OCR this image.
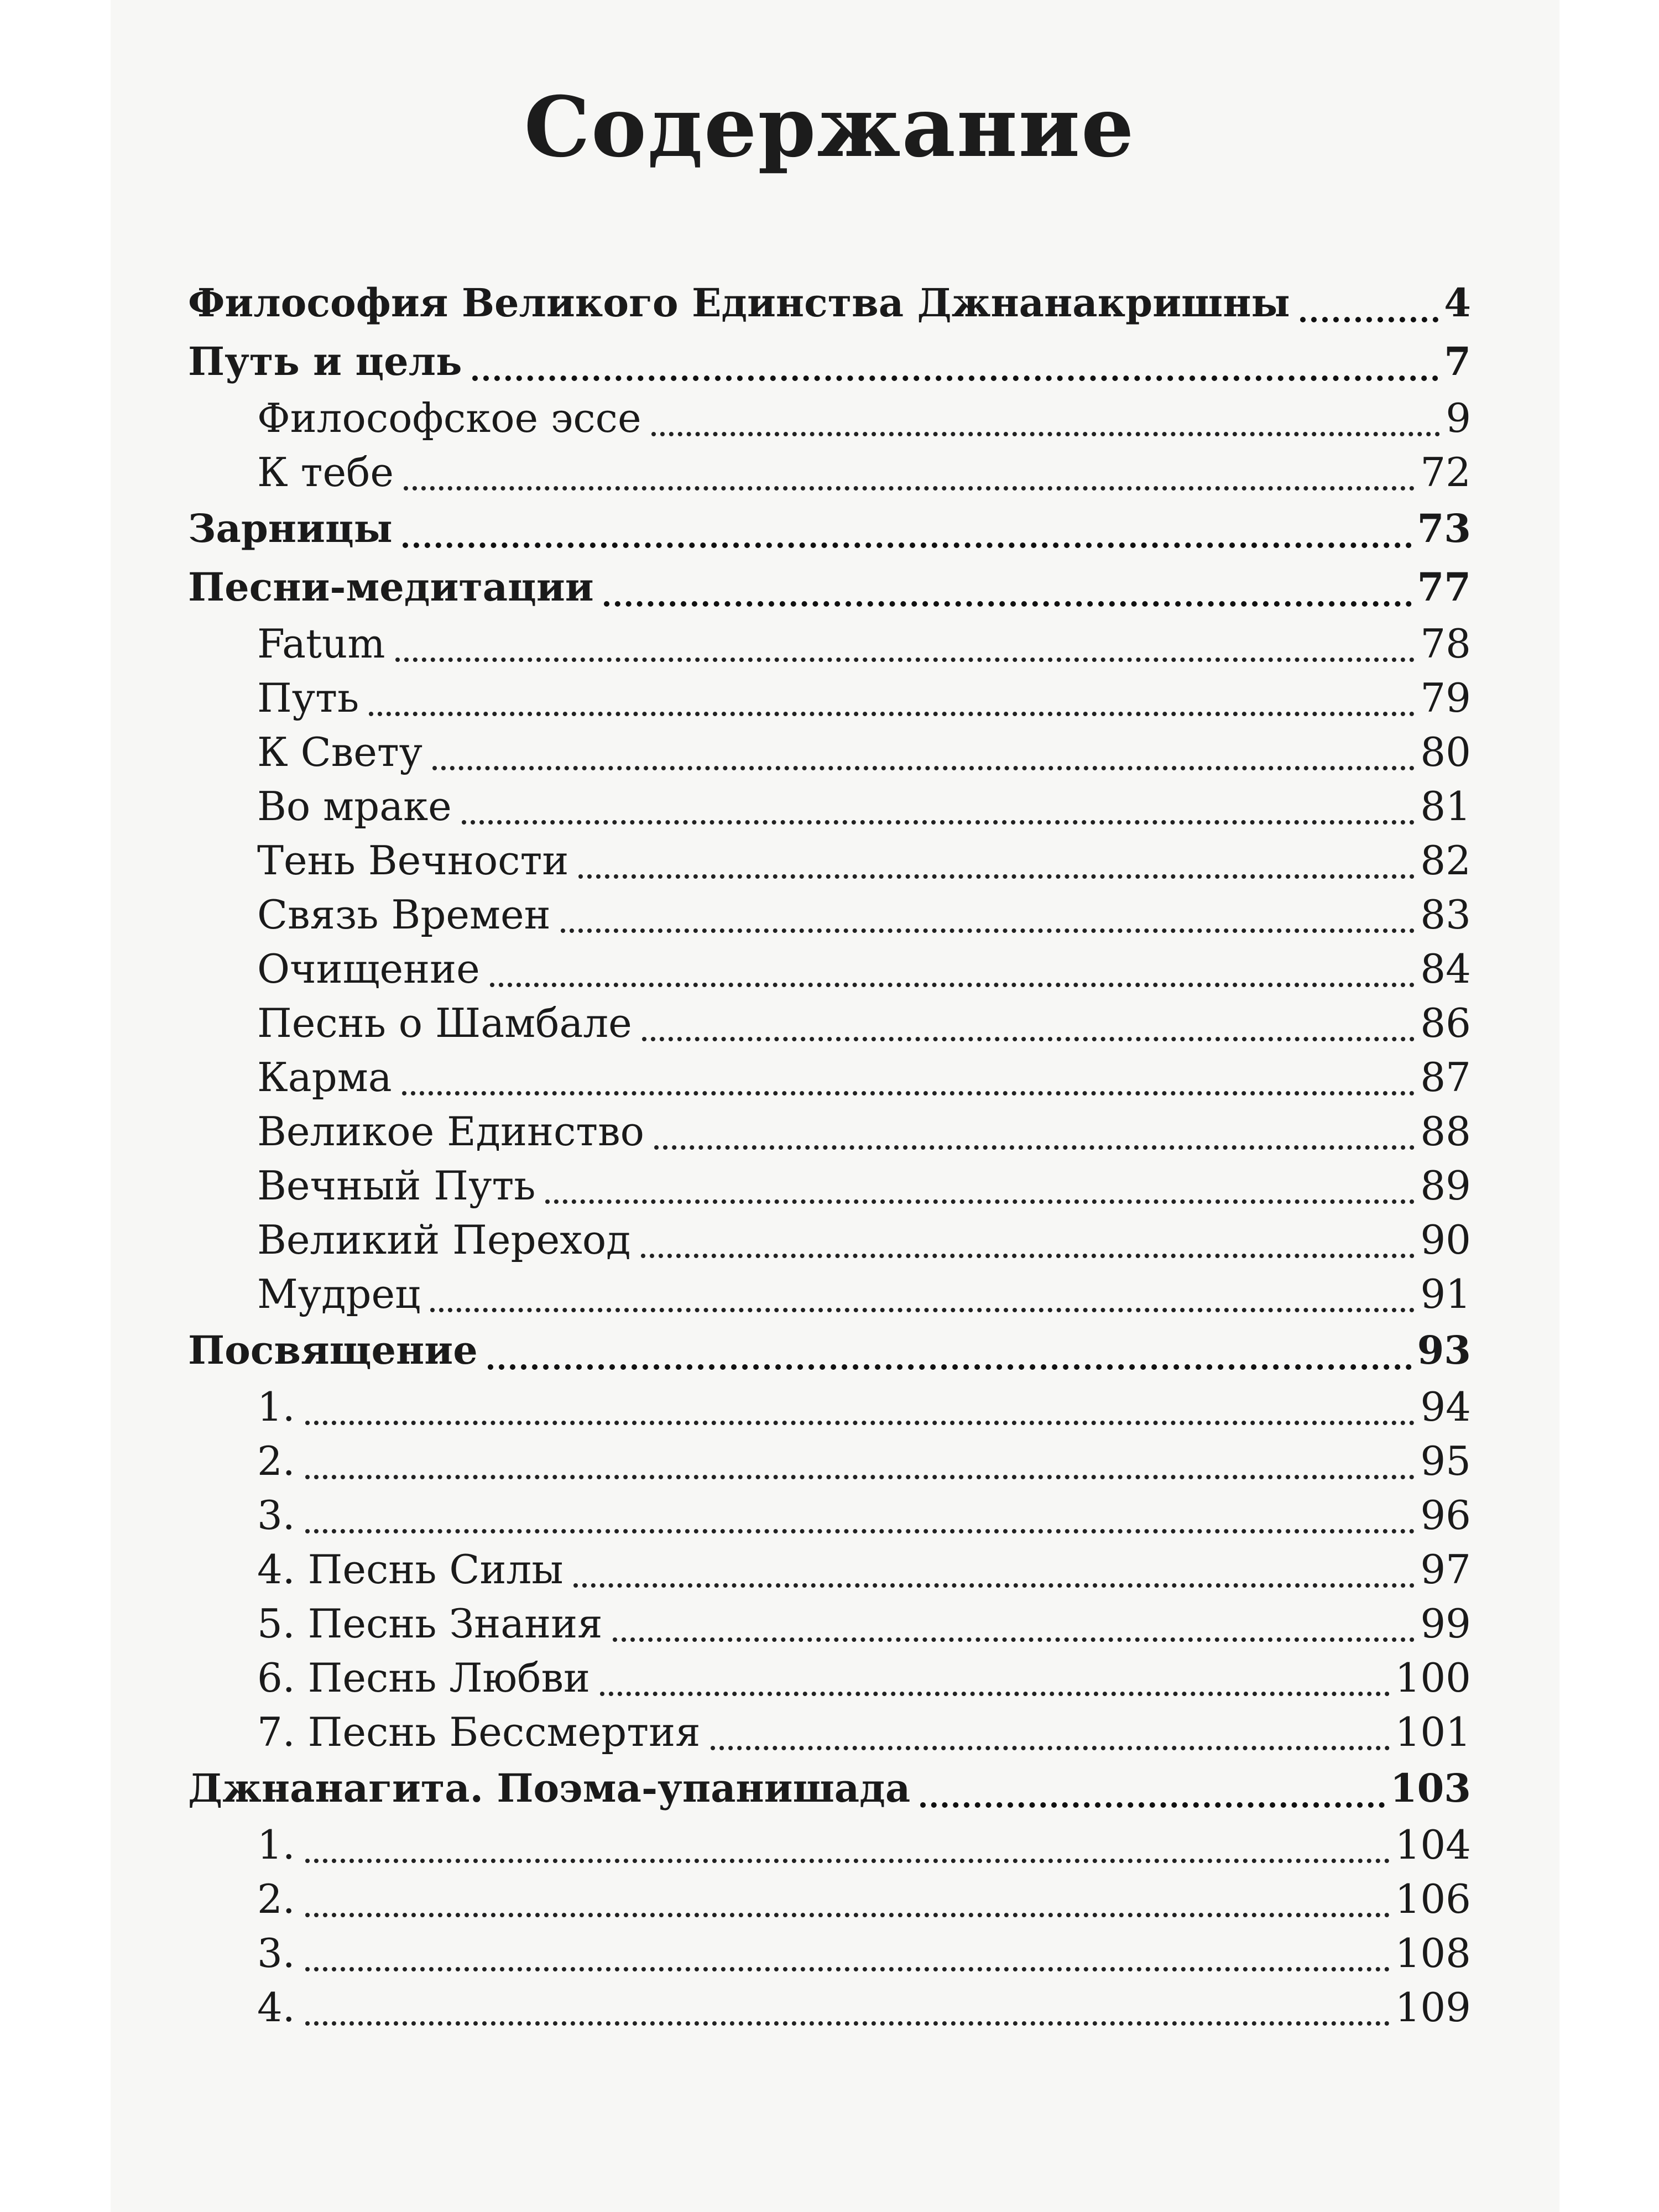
Содержание
Философия Великого Единства Джнанакришны	4
Путь и цель	7
Философское эссе	9
К тебе	72
Зарницы	73
Песни-медитации	77
Fatum	78
Путь	79
К Свету	80
Во мраке	81
Тень Вечности	82
Связь Времен	83
Очищение	84
Песнь о Шамбале	86
Карма	87
Великое Единство	88
Вечный Путь	89
Великий Переход	90
Мудрец	91
Посвящение	93
1.	94
2.	95
3.	96
4. Песнь Силы	97
5. Песнь Знания	99
6. Песнь Любви	100
7. Песнь Бессмертия	101
Джнанагита. Поэма-упанишада	103
1.	104
2.	106
3.	108
4.	109
